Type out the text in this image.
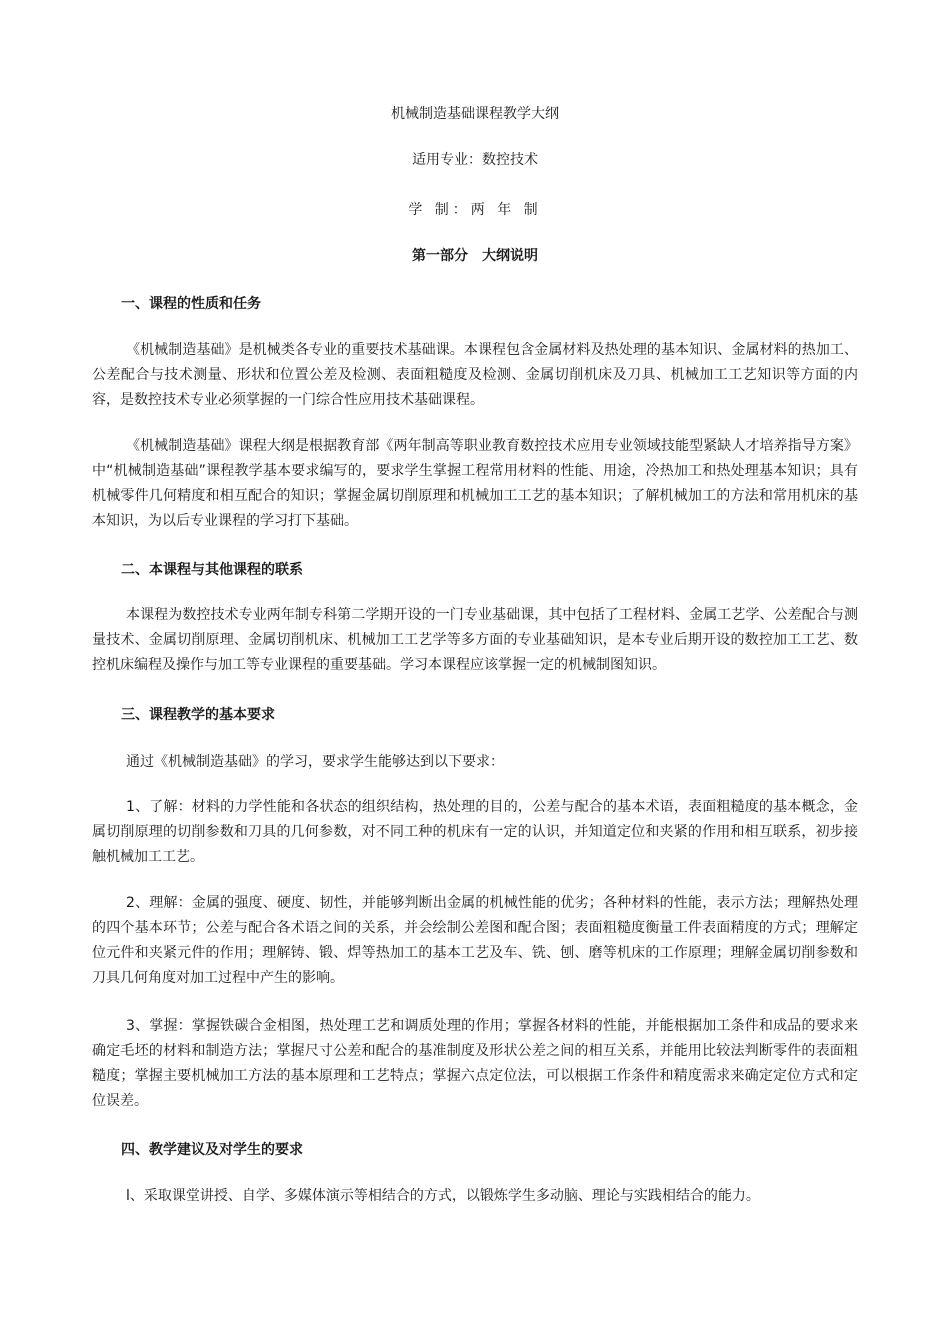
机械制造基础课程教学大纲
适用专业：数控技术
学 制：两 年 制
第一部分　大纲说明
一、课程的性质和任务
《机械制造基础》是机械类各专业的重要技术基础课。本课程包含金属材料及热处理的基本知识、金属材料的热加工、公差配合与技术测量、形状和位置公差及检测、表面粗糙度及检测、金属切削机床及刀具、机械加工工艺知识等方面的内容，是数控技术专业必须掌握的一门综合性应用技术基础课程。
《机械制造基础》课程大纲是根据教育部《两年制高等职业教育数控技术应用专业领域技能型紧缺人才培养指导方案》中“机械制造基础”课程教学基本要求编写的，要求学生掌握工程常用材料的性能、用途，冷热加工和热处理基本知识；具有机械零件几何精度和相互配合的知识；掌握金属切削原理和机械加工工艺的基本知识；了解机械加工的方法和常用机床的基本知识，为以后专业课程的学习打下基础。
二、本课程与其他课程的联系
本课程为数控技术专业两年制专科第二学期开设的一门专业基础课，其中包括了工程材料、金属工艺学、公差配合与测量技术、金属切削原理、金属切削机床、机械加工工艺学等多方面的专业基础知识，是本专业后期开设的数控加工工艺、数控机床编程及操作与加工等专业课程的重要基础。学习本课程应该掌握一定的机械制图知识。
三、课程教学的基本要求
通过《机械制造基础》的学习，要求学生能够达到以下要求：
1、了解：材料的力学性能和各状态的组织结构，热处理的目的，公差与配合的基本术语，表面粗糙度的基本概念，金属切削原理的切削参数和刀具的几何参数，对不同工种的机床有一定的认识，并知道定位和夹紧的作用和相互联系，初步接触机械加工工艺。
2、理解：金属的强度、硬度、韧性，并能够判断出金属的机械性能的优劣；各种材料的性能，表示方法；理解热处理的四个基本环节；公差与配合各术语之间的关系，并会绘制公差图和配合图；表面粗糙度衡量工件表面精度的方式；理解定位元件和夹紧元件的作用；理解铸、锻、焊等热加工的基本工艺及车、铣、刨、磨等机床的工作原理；理解金属切削参数和刀具几何角度对加工过程中产生的影响。
3、掌握：掌握铁碳合金相图，热处理工艺和调质处理的作用；掌握各材料的性能，并能根据加工条件和成品的要求来确定毛坯的材料和制造方法；掌握尺寸公差和配合的基准制度及形状公差之间的相互关系，并能用比较法判断零件的表面粗糙度；掌握主要机械加工方法的基本原理和工艺特点；掌握六点定位法，可以根据工作条件和精度需求来确定定位方式和定位误差。
四、教学建议及对学生的要求
l、采取课堂讲授、自学、多媒体演示等相结合的方式，以锻炼学生多动脑、理论与实践相结合的能力。
